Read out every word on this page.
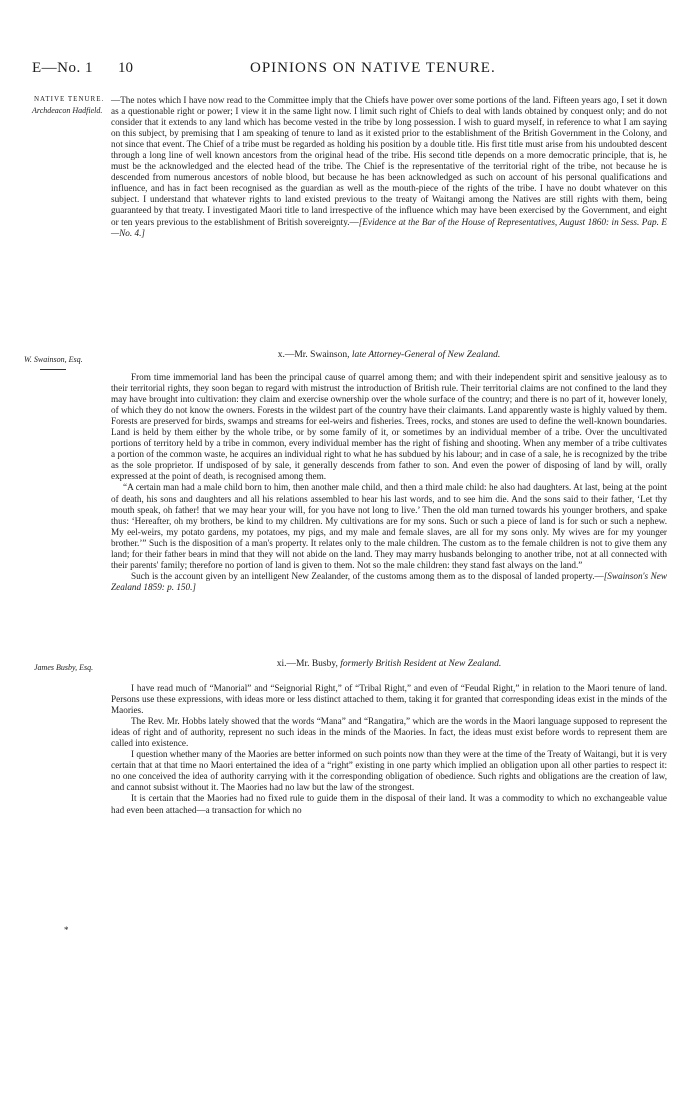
E—No. 1 10	OPINIONS ON NATIVE TENURE.
NATIVE TENURE.
Archdeacon Hadfield.
W. Swainson, Esq.
James Busby, Esq.
*

—The notes which I have now read to the Committee imply that the Chiefs have power over some portions of the land. Fifteen years ago, I set it down as a questionable right or power; I view it in the same light now. I limit such right of Chiefs to deal with lands obtained by conquest only; and do not consider that it extends to any land which has become vested in the tribe by long possession. I wish to guard myself, in reference to what I am saying on this subject, by premising that I am speaking of tenure to land as it existed prior to the establishment of the British Government in the Colony, and not since that event. The Chief of a tribe must be regarded as holding his position by a double title. His first title must arise from his undoubted descent through a long line of well known ancestors from the original head of the tribe. His second title depends on a more democratic principle, that is, he must be the acknowledged and the elected head of the tribe. The Chief is the representative of the territorial right of the tribe, not because he is descended from numerous ancestors of noble blood, but because he has been acknowledged as such on account of his personal qualifications and influence, and has in fact been recognised as the guardian as well as the mouth-piece of the rights of the tribe. I have no doubt whatever on this subject. I understand that whatever rights to land existed previous to the treaty of Waitangi among the Natives are still rights with them, being guaranteed by that treaty. I investigated Maori title to land irrespective of the influence which may have been exercised by the Government, and eight or ten years previous to the establishment of British sovereignty.—[Evidence at the Bar of the House of Representatives, August 1860: in Sess. Pap. E—No. 4.]

x.—Mr. Swainson, late Attorney-General of New Zealand.

From time immemorial land has been the principal cause of quarrel among them; and with their independent spirit and sensitive jealousy as to their territorial rights, they soon began to regard with mistrust the introduction of British rule. Their territorial claims are not confined to the land they may have brought into cultivation: they claim and exercise ownership over the whole surface of the country; and there is no part of it, however lonely, of which they do not know the owners. Forests in the wildest part of the country have their claimants. Land apparently waste is highly valued by them. Forests are preserved for birds, swamps and streams for eel-weirs and fisheries. Trees, rocks, and stones are used to define the well-known boundaries. Land is held by them either by the whole tribe, or by some family of it, or sometimes by an individual member of a tribe. Over the uncultivated portions of territory held by a tribe in common, every individual member has the right of fishing and shooting. When any member of a tribe cultivates a portion of the common waste, he acquires an individual right to what he has subdued by his labour; and in case of a sale, he is recognized by the tribe as the sole proprietor. If undisposed of by sale, it generally descends from father to son. And even the power of disposing of land by will, orally expressed at the point of death, is recognised among them.

“A certain man had a male child born to him, then another male child, and then a third male child: he also had daughters. At last, being at the point of death, his sons and daughters and all his relations assembled to hear his last words, and to see him die. And the sons said to their father, ‘Let thy mouth speak, oh father! that we may hear your will, for you have not long to live.’ Then the old man turned towards his younger brothers, and spake thus: ‘Hereafter, oh my brothers, be kind to my children. My cultivations are for my sons. Such or such a piece of land is for such or such a nephew. My eel-weirs, my potato gardens, my potatoes, my pigs, and my male and female slaves, are all for my sons only. My wives are for my younger brother.’” Such is the disposition of a man's property. It relates only to the male children. The custom as to the female children is not to give them any land; for their father bears in mind that they will not abide on the land. They may marry husbands belonging to another tribe, not at all connected with their parents' family; therefore no portion of land is given to them. Not so the male children: they stand fast always on the land.”

Such is the account given by an intelligent New Zealander, of the customs among them as to the disposal of landed property.—[Swainson's New Zealand 1859: p. 150.]

xi.—Mr. Busby, formerly British Resident at New Zealand.

I have read much of “Manorial” and “Seignorial Right,” of “Tribal Right,” and even of “Feudal Right,” in relation to the Maori tenure of land. Persons use these expressions, with ideas more or less distinct attached to them, taking it for granted that corresponding ideas exist in the minds of the Maories.

The Rev. Mr. Hobbs lately showed that the words “Mana” and “Rangatira,” which are the words in the Maori language supposed to represent the ideas of right and of authority, represent no such ideas in the minds of the Maories. In fact, the ideas must exist before words to represent them are called into existence.

I question whether many of the Maories are better informed on such points now than they were at the time of the Treaty of Waitangi, but it is very certain that at that time no Maori entertained the idea of a “right” existing in one party which implied an obligation upon all other parties to respect it: no one conceived the idea of authority carrying with it the corresponding obligation of obedience. Such rights and obligations are the creation of law, and cannot subsist without it. The Maories had no law but the law of the strongest.

It is certain that the Maories had no fixed rule to guide them in the disposal of their land. It was a commodity to which no exchangeable value had even been attached—a transaction for which no
